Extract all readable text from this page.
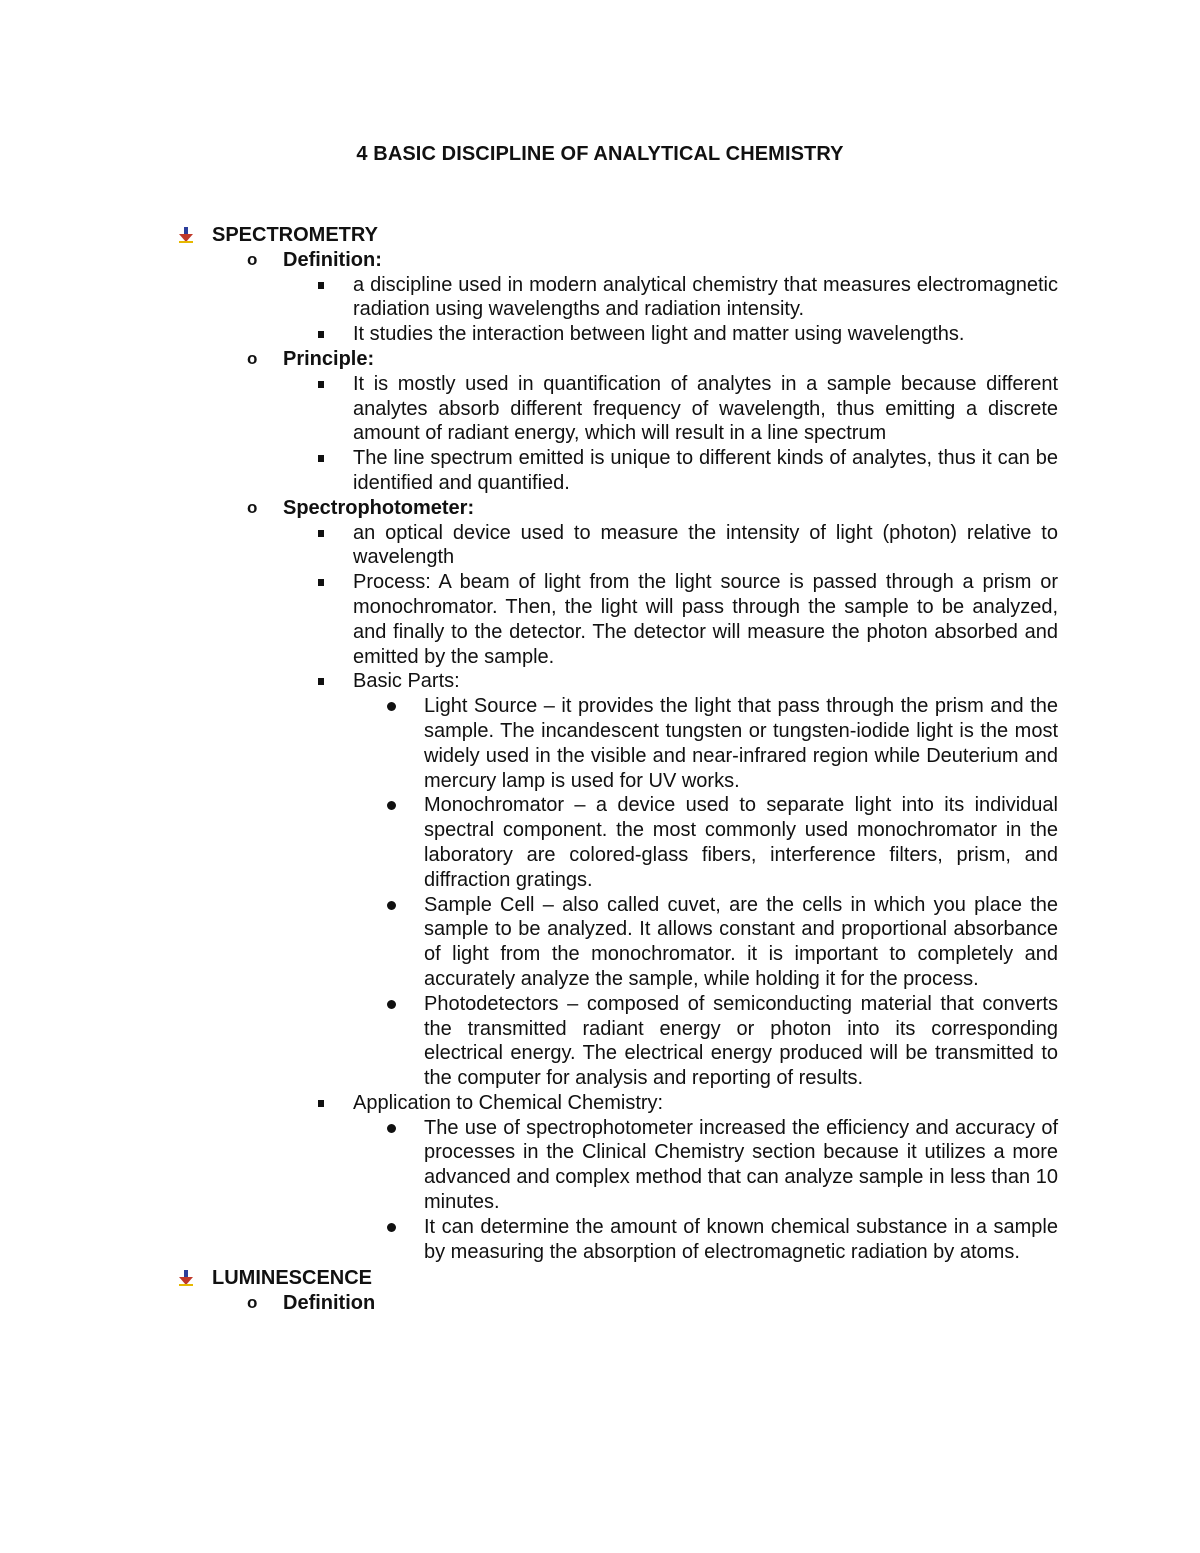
4 BASIC DISCIPLINE OF ANALYTICAL CHEMISTRY
SPECTROMETRY
o Definition:
a discipline used in modern analytical chemistry that measures electromagnetic radiation using wavelengths and radiation intensity.
It studies the interaction between light and matter using wavelengths.
o Principle:
It is mostly used in quantification of analytes in a sample because different analytes absorb different frequency of wavelength, thus emitting a discrete amount of radiant energy, which will result in a line spectrum
The line spectrum emitted is unique to different kinds of analytes, thus it can be identified and quantified.
o Spectrophotometer:
an optical device used to measure the intensity of light (photon) relative to wavelength
Process: A beam of light from the light source is passed through a prism or monochromator. Then, the light will pass through the sample to be analyzed, and finally to the detector. The detector will measure the photon absorbed and emitted by the sample.
Basic Parts:
Light Source – it provides the light that pass through the prism and the sample. The incandescent tungsten or tungsten-iodide light is the most widely used in the visible and near-infrared region while Deuterium and mercury lamp is used for UV works.
Monochromator – a device used to separate light into its individual spectral component. the most commonly used monochromator in the laboratory are colored-glass fibers, interference filters, prism, and diffraction gratings.
Sample Cell – also called cuvet, are the cells in which you place the sample to be analyzed. It allows constant and proportional absorbance of light from the monochromator. it is important to completely and accurately analyze the sample, while holding it for the process.
Photodetectors – composed of semiconducting material that converts the transmitted radiant energy or photon into its corresponding electrical energy. The electrical energy produced will be transmitted to the computer for analysis and reporting of results.
Application to Chemical Chemistry:
The use of spectrophotometer increased the efficiency and accuracy of processes in the Clinical Chemistry section because it utilizes a more advanced and complex method that can analyze sample in less than 10 minutes.
It can determine the amount of known chemical substance in a sample by measuring the absorption of electromagnetic radiation by atoms.
LUMINESCENCE
o Definition
